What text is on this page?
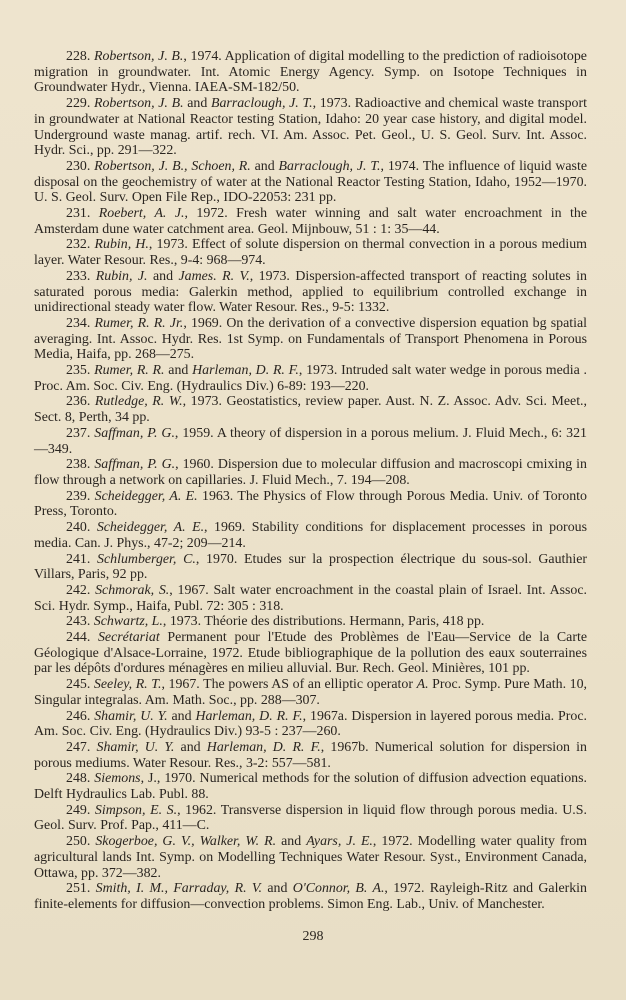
228. Robertson, J. B., 1974. Application of digital modelling to the prediction of radioisotope migration in groundwater. Int. Atomic Energy Agency. Symp. on Isotope Techniques in Groundwater Hydr., Vienna. IAEA-SM-182/50.

229. Robertson, J. B. and Barraclough, J. T., 1973. Radioactive and chemical waste transport in groundwater at National Reactor testing Station, Idaho: 20 year case history, and digital model. Underground waste manag. artif. rech. VI. Am. Assoc. Pet. Geol., U. S. Geol. Surv. Int. Assoc. Hydr. Sci., pp. 291—322.

230. Robertson, J. B., Schoen, R. and Barraclough, J. T., 1974. The influence of liquid waste disposal on the geochemistry of water at the National Reactor Testing Station, Idaho, 1952—1970. U. S. Geol. Surv. Open File Rep., IDO-22053: 231 pp.

231. Roebert, A. J., 1972. Fresh water winning and salt water encroachment in the Amsterdam dune water catchment area. Geol. Mijnbouw, 51 : 1: 35—44.

232. Rubin, H., 1973. Effect of solute dispersion on thermal convection in a porous medium layer. Water Resour. Res., 9-4: 968—974.

233. Rubin, J. and James. R. V., 1973. Dispersion-affected transport of reacting solutes in saturated porous media: Galerkin method, applied to equilibrium controlled exchange in unidirectional steady water flow. Water Resour. Res., 9-5: 1332.

234. Rumer, R. R. Jr., 1969. On the derivation of a convective dispersion equation bg spatial averaging. Int. Assoc. Hydr. Res. 1st Symp. on Fundamentals of Transport Phenomena in Porous Media, Haifa, pp. 268—275.

235. Rumer, R. R. and Harleman, D. R. F., 1973. Intruded salt water wedge in porous media . Proc. Am. Soc. Civ. Eng. (Hydraulics Div.) 6-89: 193—220.

236. Rutledge, R. W., 1973. Geostatistics, review paper. Aust. N. Z. Assoc. Adv. Sci. Meet., Sect. 8, Perth, 34 pp.

237. Saffman, P. G., 1959. A theory of dispersion in a porous melium. J. Fluid Mech., 6: 321—349.

238. Saffman, P. G., 1960. Dispersion due to molecular diffusion and macroscopi cmixing in flow through a network on capillaries. J. Fluid Mech., 7. 194—208.

239. Scheidegger, A. E. 1963. The Physics of Flow through Porous Media. Univ. of Toronto Press, Toronto.

240. Scheidegger, A. E., 1969. Stability conditions for displacement processes in porous media. Can. J. Phys., 47-2; 209—214.

241. Schlumberger, C., 1970. Etudes sur la prospection électrique du sous-sol. Gauthier Villars, Paris, 92 pp.

242. Schmorak, S., 1967. Salt water encroachment in the coastal plain of Israel. Int. Assoc. Sci. Hydr. Symp., Haifa, Publ. 72: 305 : 318.

243. Schwartz, L., 1973. Théorie des distributions. Hermann, Paris, 418 pp.

244. Secrétariat Permanent pour l'Etude des Problèmes de l'Eau—Service de la Carte Géologique d'Alsace-Lorraine, 1972. Etude bibliographique de la pollution des eaux souterraines par les dépôts d'ordures ménagères en milieu alluvial. Bur. Rech. Geol. Minières, 101 pp.

245. Seeley, R. T., 1967. The powers AS of an elliptic operator A. Proc. Symp. Pure Math. 10, Singular integralas. Am. Math. Soc., pp. 288—307.

246. Shamir, U. Y. and Harleman, D. R. F., 1967a. Dispersion in layered porous media. Proc. Am. Soc. Civ. Eng. (Hydraulics Div.) 93-5 : 237—260.

247. Shamir, U. Y. and Harleman, D. R. F., 1967b. Numerical solution for dispersion in porous mediums. Water Resour. Res., 3-2: 557—581.

248. Siemons, J., 1970. Numerical methods for the solution of diffusion advection equations. Delft Hydraulics Lab. Publ. 88.

249. Simpson, E. S., 1962. Transverse dispersion in liquid flow through porous media. U.S. Geol. Surv. Prof. Pap., 411—C.

250. Skogerboe, G. V., Walker, W. R. and Ayars, J. E., 1972. Modelling water quality from agricultural lands Int. Symp. on Modelling Techniques Water Resour. Syst., Environment Canada, Ottawa, pp. 372—382.

251. Smith, I. M., Farraday, R. V. and O'Connor, B. A., 1972. Rayleigh-Ritz and Galerkin finite-elements for diffusion—convection problems. Simon Eng. Lab., Univ. of Manchester.

298
